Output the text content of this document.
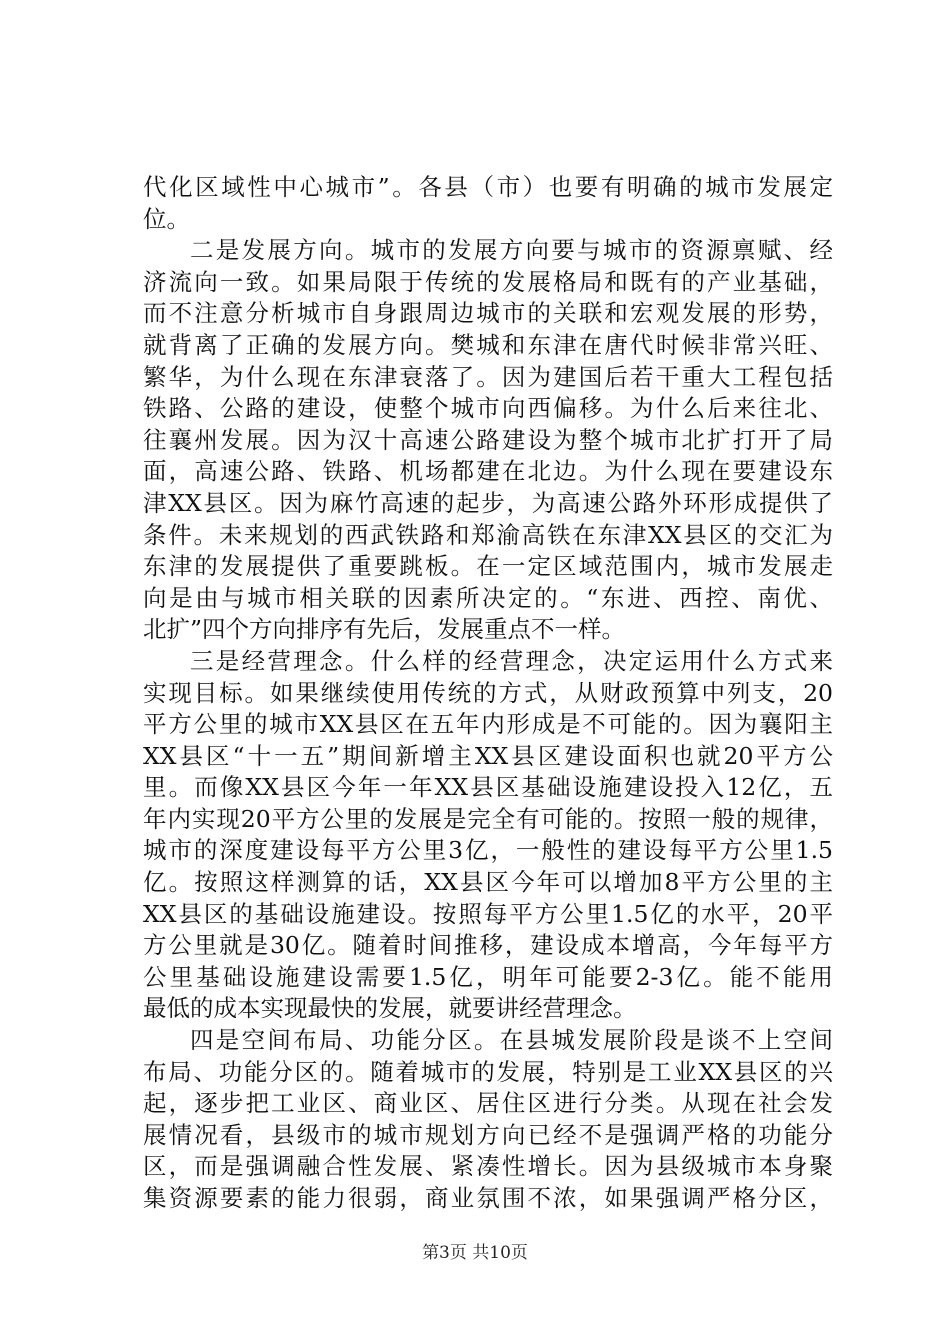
代化区域性中心城市”。各县（市）也要有明确的城市发展定
位。
二是发展方向。城市的发展方向要与城市的资源禀赋、经
济流向一致。如果局限于传统的发展格局和既有的产业基础，
而不注意分析城市自身跟周边城市的关联和宏观发展的形势，
就背离了正确的发展方向。樊城和东津在唐代时候非常兴旺、
繁华，为什么现在东津衰落了。因为建国后若干重大工程包括
铁路、公路的建设，使整个城市向西偏移。为什么后来往北、
往襄州发展。因为汉十高速公路建设为整个城市北扩打开了局
面，高速公路、铁路、机场都建在北边。为什么现在要建设东
津XX县区。因为麻竹高速的起步，为高速公路外环形成提供了
条件。未来规划的西武铁路和郑渝高铁在东津XX县区的交汇为
东津的发展提供了重要跳板。在一定区域范围内，城市发展走
向是由与城市相关联的因素所决定的。“东进、西控、南优、
北扩”四个方向排序有先后，发展重点不一样。
三是经营理念。什么样的经营理念，决定运用什么方式来
实现目标。如果继续使用传统的方式，从财政预算中列支，20
平方公里的城市XX县区在五年内形成是不可能的。因为襄阳主
XX县区“十一五”期间新增主XX县区建设面积也就20平方公
里。而像XX县区今年一年XX县区基础设施建设投入12亿，五
年内实现20平方公里的发展是完全有可能的。按照一般的规律，
城市的深度建设每平方公里3亿，一般性的建设每平方公里1.5
亿。按照这样测算的话，XX县区今年可以增加8平方公里的主
XX县区的基础设施建设。按照每平方公里1.5亿的水平，20平
方公里就是30亿。随着时间推移，建设成本增高，今年每平方
公里基础设施建设需要1.5亿，明年可能要2-3亿。能不能用
最低的成本实现最快的发展，就要讲经营理念。
四是空间布局、功能分区。在县城发展阶段是谈不上空间
布局、功能分区的。随着城市的发展，特别是工业XX县区的兴
起，逐步把工业区、商业区、居住区进行分类。从现在社会发
展情况看，县级市的城市规划方向已经不是强调严格的功能分
区，而是强调融合性发展、紧凑性增长。因为县级城市本身聚
集资源要素的能力很弱，商业氛围不浓，如果强调严格分区，
第3页 共10页
